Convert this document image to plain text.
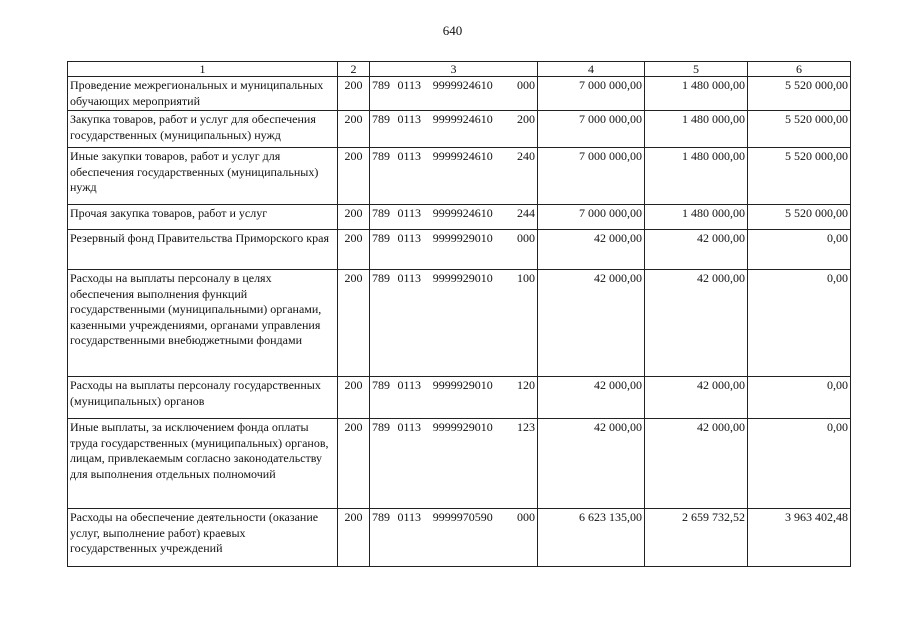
640
1	2	3	4	5	6
Проведение межрегиональных и муниципальных обучающих мероприятий	200	789 0113 9999924610 000	7 000 000,00	1 480 000,00	5 520 000,00
Закупка товаров, работ и услуг для обеспечения государственных (муниципальных) нужд	200	789 0113 9999924610 200	7 000 000,00	1 480 000,00	5 520 000,00
Иные закупки товаров, работ и услуг для обеспечения государственных (муниципальных) нужд	200	789 0113 9999924610 240	7 000 000,00	1 480 000,00	5 520 000,00
Прочая закупка товаров, работ и услуг	200	789 0113 9999924610 244	7 000 000,00	1 480 000,00	5 520 000,00
Резервный фонд Правительства Приморского края	200	789 0113 9999929010 000	42 000,00	42 000,00	0,00
Расходы на выплаты персоналу в целях обеспечения выполнения функций государственными (муниципальными) органами, казенными учреждениями, органами управления государственными внебюджетными фондами	200	789 0113 9999929010 100	42 000,00	42 000,00	0,00
Расходы на выплаты персоналу государственных (муниципальных) органов	200	789 0113 9999929010 120	42 000,00	42 000,00	0,00
Иные выплаты, за исключением фонда оплаты труда государственных (муниципальных) органов, лицам, привлекаемым согласно законодательству для выполнения отдельных полномочий	200	789 0113 9999929010 123	42 000,00	42 000,00	0,00
Расходы на обеспечение деятельности (оказание услуг, выполнение работ) краевых государственных учреждений	200	789 0113 9999970590 000	6 623 135,00	2 659 732,52	3 963 402,48
